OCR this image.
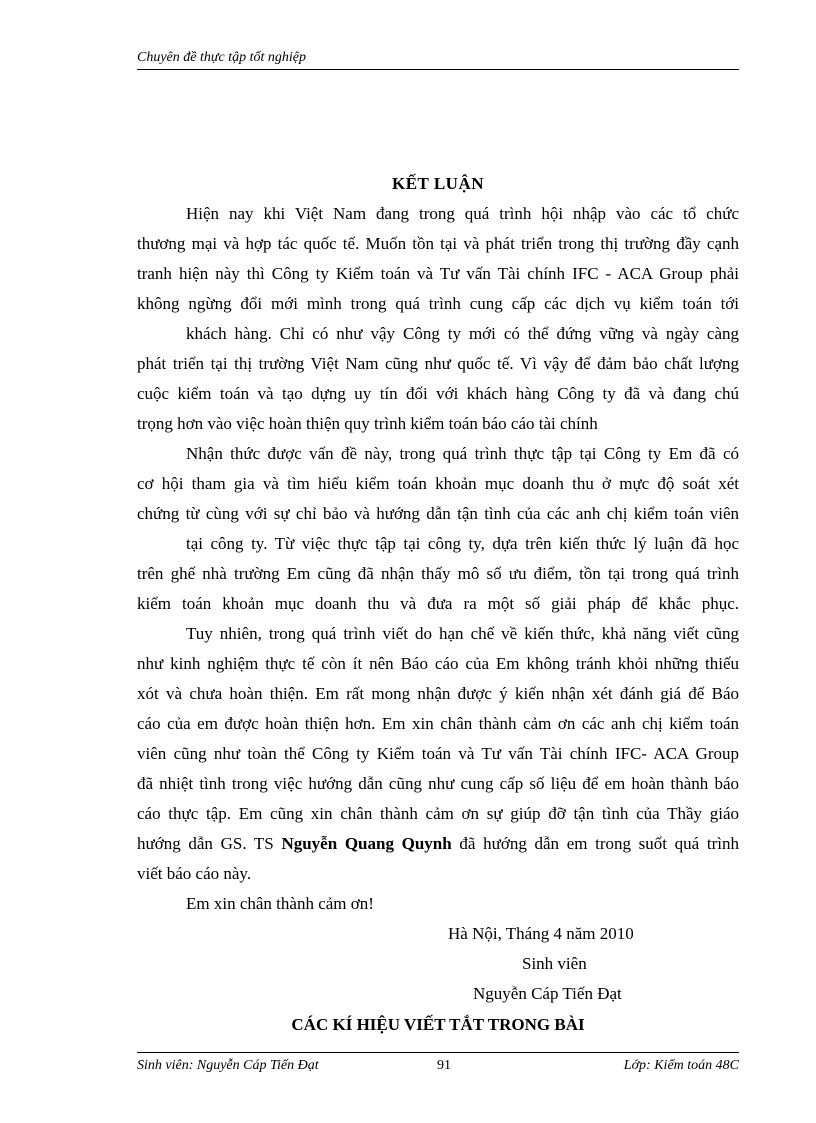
Chuyên đề thực tập tốt nghiệp
KẾT LUẬN
Hiện nay khi Việt Nam đang trong quá trình hội nhập vào các tổ chức
thương mại và hợp tác quốc tế. Muốn tồn tại và phát triển trong thị trường đầy cạnh
tranh hiện này thì Công ty Kiểm toán và Tư vấn Tài chính IFC - ACA Group phải
không ngừng đổi mới mình trong quá trình cung cấp các dịch vụ kiểm toán tới
khách hàng. Chỉ có như vậy Công ty mới có thể đứng vững và ngày càng
phát triển tại thị trường Việt Nam cũng như quốc tế. Vì vậy để đảm bảo chất lượng
cuộc kiểm toán và tạo dựng uy tín đối với khách hàng Công ty đã và đang chú
trọng hơn vào việc hoàn thiện quy trình kiểm toán báo cáo tài chính
Nhận thức được vấn đề này, trong quá trình thực tập tại Công ty Em đã có
cơ hội tham gia và tìm hiểu kiểm toán khoản mục doanh thu ở mực độ soát xét
chứng từ cùng với sự chỉ bảo và hướng dẫn tận tình của các anh chị kiểm toán viên
tại công ty. Từ việc thực tập tại công ty, dựa trên kiến thức lý luận đã học
trên ghế nhà trường Em cũng đã nhận thấy mô số ưu điểm, tồn tại trong quá trình
kiểm toán khoản mục doanh thu và đưa ra một số giải pháp để khắc phục.
Tuy nhiên, trong quá trình viết do hạn chế về kiến thức, khả năng viết cũng
như kinh nghiệm thực tế còn ít nên Báo cáo của Em không tránh khỏi những thiếu
xót và chưa hoàn thiện. Em rất mong nhận được ý kiến nhận xét đánh giá để Báo
cáo của em được hoàn thiện hơn. Em xin chân thành cảm ơn các anh chị kiểm toán
viên cũng như toàn thể Công ty Kiểm toán và Tư vấn Tài chính IFC- ACA Group
đã nhiệt tình trong việc hướng dẫn cũng như cung cấp số liệu để em hoàn thành báo
cáo thực tập. Em cũng xin chân thành cảm ơn sự giúp đỡ tận tình của Thầy giáo
hướng dẫn GS. TS Nguyễn Quang Quynh đã hướng dẫn em trong suốt quá trình
viết báo cáo này.
Em xin chân thành cảm ơn!
Hà Nội, Tháng 4 năm 2010
Sinh viên
Nguyễn Cáp Tiến Đạt
CÁC KÍ HIỆU VIẾT TẮT TRONG BÀI
Sinh viên: Nguyễn Cáp Tiến Đạt	91	Lớp: Kiểm toán 48C
